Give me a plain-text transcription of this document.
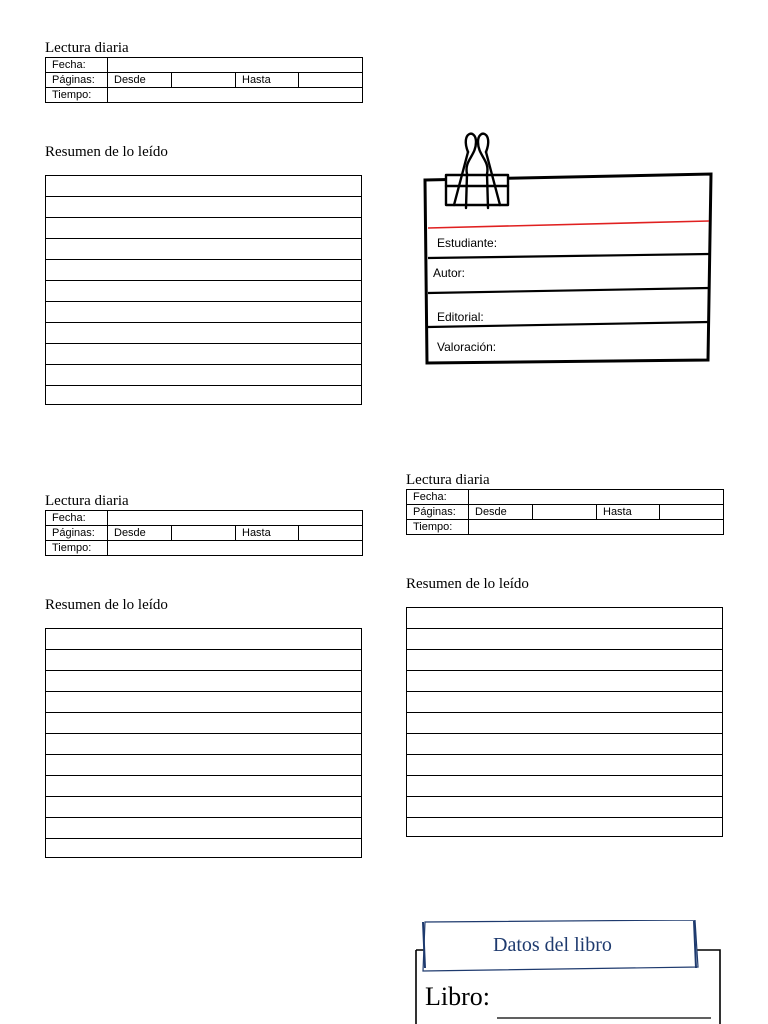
Lectura diaria
Fecha:				
Páginas:	Desde		Hasta	
Tiempo:				
Resumen de lo leído
Estudiante:
Autor:
Editorial:
Valoración:
Lectura diaria
Fecha:				
Páginas:	Desde		Hasta	
Tiempo:				
Resumen de lo leído
Lectura diaria
Fecha:				
Páginas:	Desde		Hasta	
Tiempo:				
Resumen de lo leído
Datos del libro
Libro:
